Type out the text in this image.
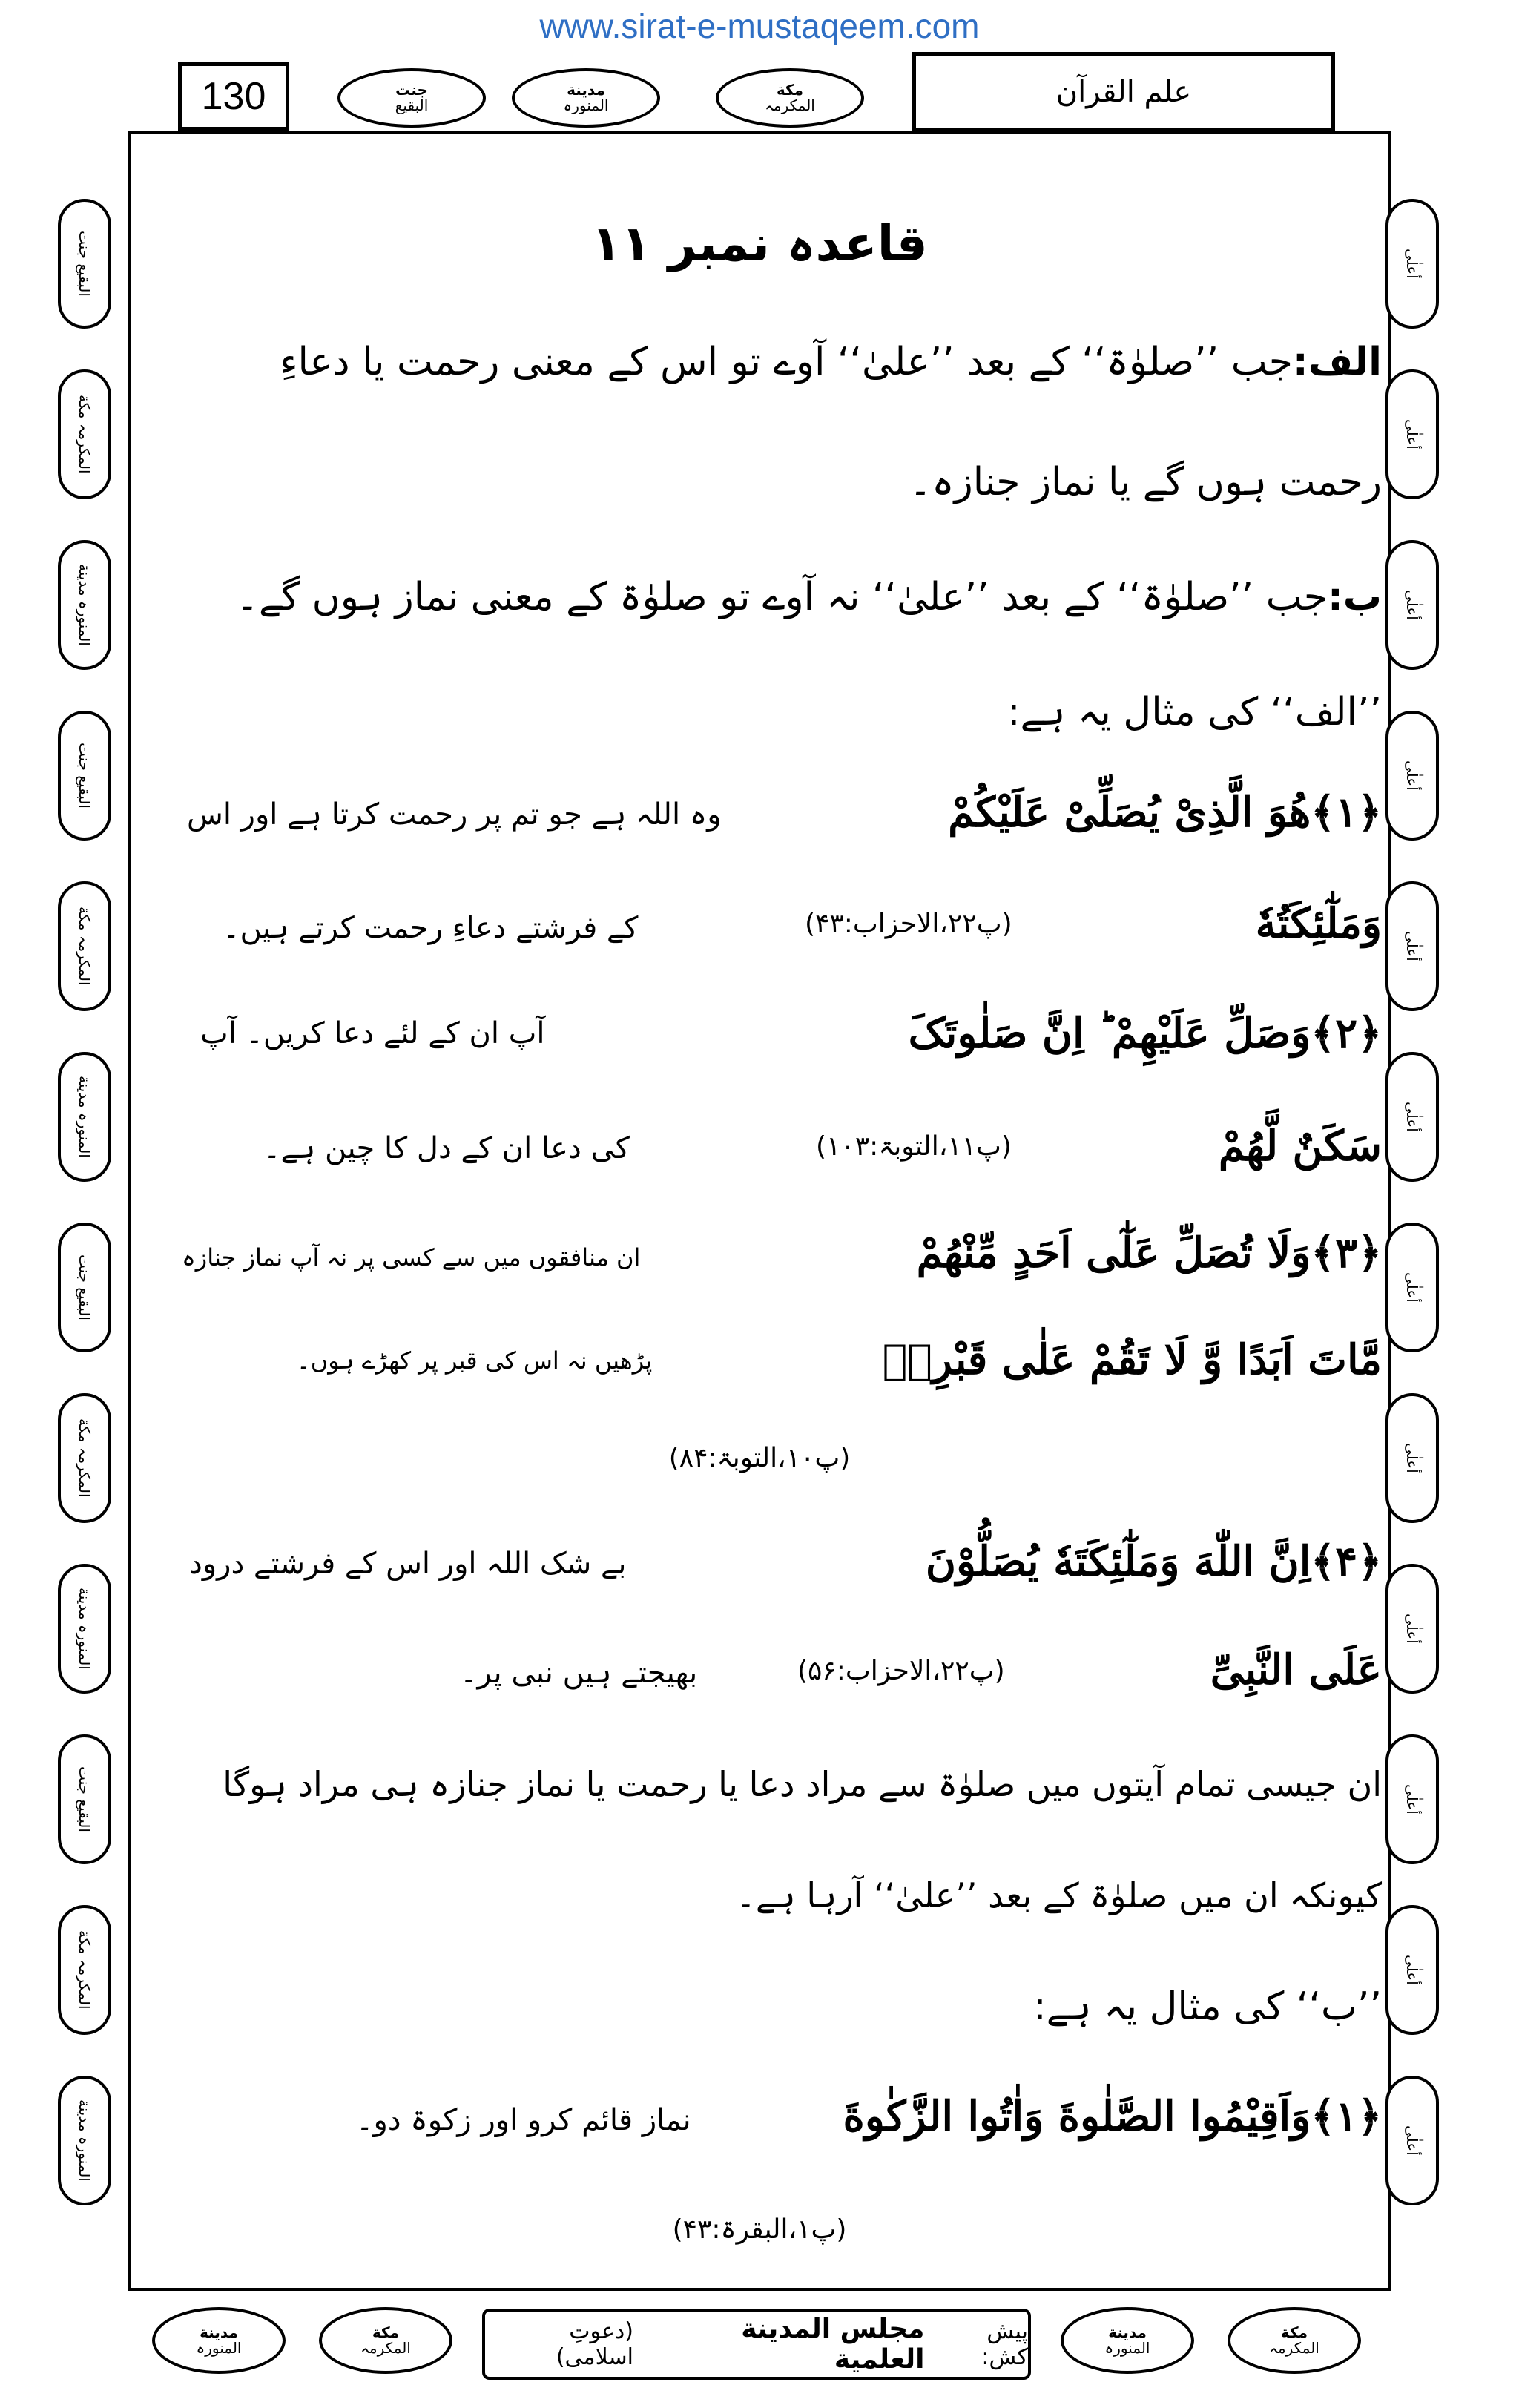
www.sirat-e-mustaqeem.com
130	جنت
البقیع
مدینة
المنورہ
مکة
المکرمہ	علم القرآن
البقیع جنت
المکرمہ مکة
المنورہ مدینة
البقیع جنت
المکرمہ مکة
المنورہ مدینة
البقیع جنت
المکرمہ مکة
المنورہ مدینة
البقیع جنت
المکرمہ مکة
المنورہ مدینة
أعلٰی
أعلٰی
أعلٰی
أعلٰی
أعلٰی
أعلٰی
أعلٰی
أعلٰی
أعلٰی
أعلٰی
أعلٰی
أعلٰی
قاعدہ نمبر ۱۱
الف:جب ’’صلوٰۃ‘‘ کے بعد ’’علیٰ‘‘ آوے تو اس کے معنی رحمت یا دعاءِ
رحمت ہوں گے یا نماز جنازہ۔
ب:جب ’’صلوٰۃ‘‘ کے بعد ’’علیٰ‘‘ نہ آوے تو صلوٰۃ کے معنی نماز ہوں گے۔
’’الف‘‘ کی مثال یہ ہے:
﴿۱﴾ھُوَ الَّذِیْ یُصَلِّیْ عَلَیْکُمْ
وہ اللہ ہے جو تم پر رحمت کرتا ہے اور اس
وَمَلٰٓئِکَتُهٗ
(پ۲۲،الاحزاب:۴۳)
کے فرشتے دعاءِ رحمت کرتے ہیں۔
﴿۲﴾وَصَلِّ عَلَیْهِمْ ؕ اِنَّ صَلٰوتَکَ
آپ ان کے لئے دعا کریں۔ آپ
سَکَنٌ لَّهُمْ
(پ۱۱،التوبۃ:۱۰۳)
کی دعا ان کے دل کا چین ہے۔
﴿۳﴾وَلَا تُصَلِّ عَلٰٓی اَحَدٍ مِّنْهُمْ
ان منافقوں میں سے کسی پر نہ آپ نماز جنازہ
مَّاتَ اَبَدًا وَّ لَا تَقُمْ عَلٰی قَبْرِهٖ
پڑھیں نہ اس کی قبر پر کھڑے ہوں۔
(پ۱۰،التوبۃ:۸۴)
﴿۴﴾اِنَّ اللّٰهَ وَمَلٰٓئِکَتَهٗ یُصَلُّوْنَ
بے شک اللہ اور اس کے فرشتے درود
عَلَی النَّبِیِّ
(پ۲۲،الاحزاب:۵۶)
بھیجتے ہیں نبی پر۔
ان جیسی تمام آیتوں میں صلوٰۃ سے مراد دعا یا رحمت یا نماز جنازہ ہی مراد ہوگا
کیونکہ ان میں صلوٰۃ کے بعد ’’علیٰ‘‘ آرہا ہے۔
’’ب‘‘ کی مثال یہ ہے:
﴿۱﴾وَاَقِیْمُوا الصَّلٰوةَ وَاٰتُوا الزَّکٰوةَ
نماز قائم کرو اور زکوۃ دو۔
(پ۱،البقرۃ:۴۳)
مدینة
المنورہ
مکة
المکرمہ
پیش کش:
مجلس المدینة العلمیة
(دعوتِ اسلامی)
مدینة
المنورہ
مکة
المکرمہ
